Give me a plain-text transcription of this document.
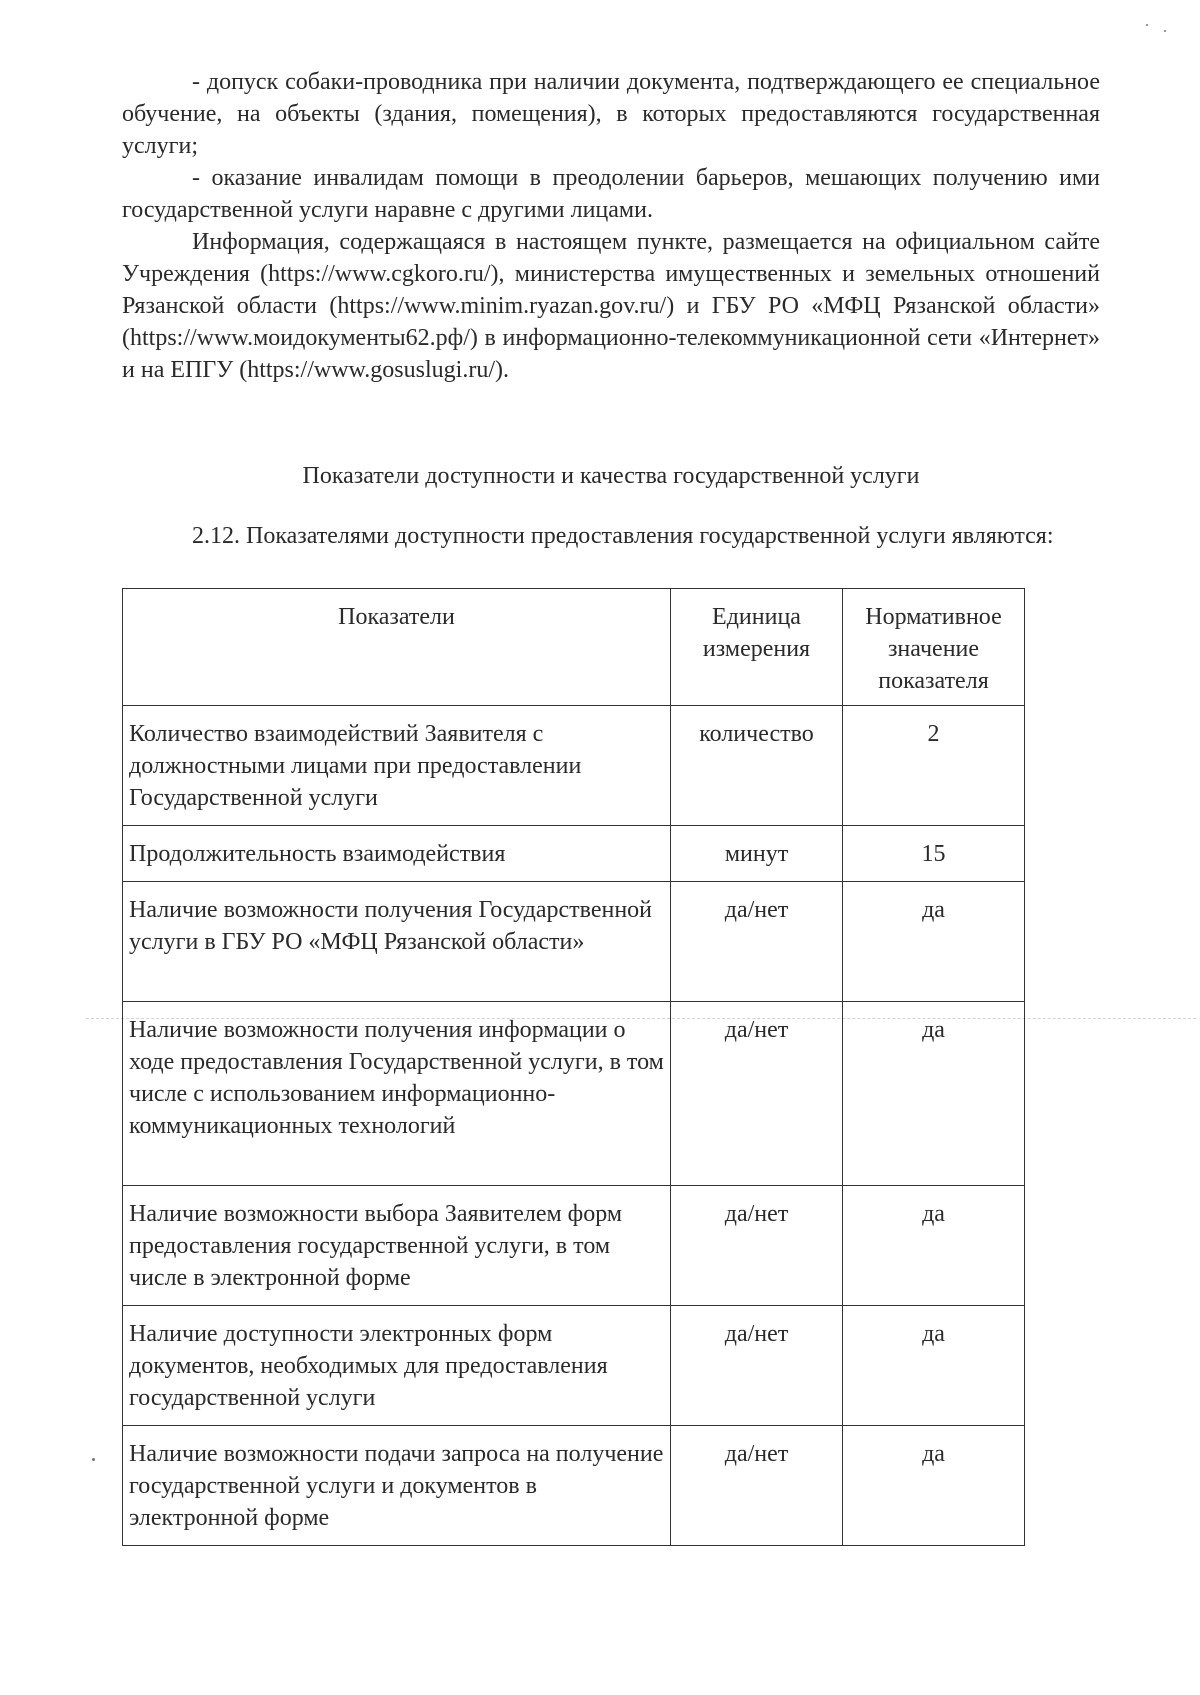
- допуск собаки-проводника при наличии документа, подтверждающего ее специальное обучение, на объекты (здания, помещения), в которых предоставляются государственная услуги;

- оказание инвалидам помощи в преодолении барьеров, мешающих получению ими государственной услуги наравне с другими лицами.

Информация, содержащаяся в настоящем пункте, размещается на официальном сайте Учреждения (https://www.cgkoro.ru/), министерства имущественных и земельных отношений Рязанской области (https://www.minim.ryazan.gov.ru/) и ГБУ РО «МФЦ Рязанской области» (https://www.моидокументы62.рф/) в информационно-телекоммуникационной сети «Интернет» и на ЕПГУ (https://www.gosuslugi.ru/).

Показатели доступности и качества государственной услуги

2.12. Показателями доступности предоставления государственной услуги являются:

Показатели	Единица измерения	Нормативное значение показателя
Количество взаимодействий Заявителя с должностными лицами при предоставлении Государственной услуги	количество	2
Продолжительность взаимодействия	минут	15
Наличие возможности получения Государственной услуги в ГБУ РО «МФЦ Рязанской области»	да/нет	да
Наличие возможности получения информации о ходе предоставления Государственной услуги, в том числе с использованием информационно-коммуникационных технологий	да/нет	да
Наличие возможности выбора Заявителем форм предоставления государственной услуги, в том числе в электронной форме	да/нет	да
Наличие доступности электронных форм документов, необходимых для предоставления государственной услуги	да/нет	да
Наличие возможности подачи запроса на получение государственной услуги и документов в электронной форме	да/нет	да
